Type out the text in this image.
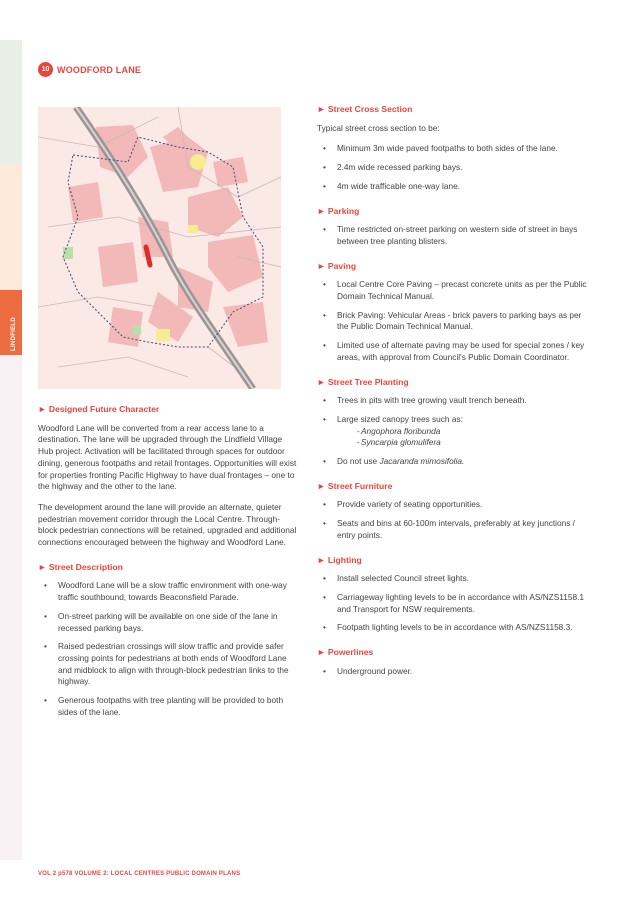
LINDFIELD
10 WOODFORD LANE
► Designed Future Character

Woodford Lane will be converted from a rear access lane to a destination. The lane will be upgraded through the Lindfield Village Hub project. Activation will be facilitated through spaces for outdoor dining, generous footpaths and retail frontages. Opportunities will exist for properties fronting Pacific Highway to have dual frontages – one to the highway and the other to the lane.

The development around the lane will provide an alternate, quieter pedestrian movement corridor through the Local Centre. Through-block pedestrian connections will be retained, upgraded and additional connections encouraged between the highway and Woodford Lane.

► Street Description
• Woodford Lane will be a slow traffic environment with one-way traffic southbound, towards Beaconsfield Parade.
• On-street parking will be available on one side of the lane in recessed parking bays.
• Raised pedestrian crossings will slow traffic and provide safer crossing points for pedestrians at both ends of Woodford Lane and midblock to align with through-block pedestrian links to the highway.
• Generous footpaths with tree planting will be provided to both sides of the lane.
► Street Cross Section

Typical street cross section to be:

• Minimum 3m wide paved footpaths to both sides of the lane.
• 2.4m wide recessed parking bays.
• 4m wide trafficable one-way lane.
► Parking
• Time restricted on-street parking on western side of street in bays between tree planting blisters.
► Paving
• Local Centre Core Paving – precast concrete units as per the Public Domain Technical Manual.
• Brick Paving: Vehicular Areas - brick pavers to parking bays as per the Public Domain Technical Manual.
• Limited use of alternate paving may be used for special zones / key areas, with approval from Council's Public Domain Coordinator.
► Street Tree Planting
• Trees in pits with tree growing vault trench beneath.
• Large sized canopy trees such as:
- Angophora floribunda
- Syncarpia glomulifera
• Do not use Jacaranda mimosifolia.
► Street Furniture
• Provide variety of seating opportunities.
• Seats and bins at 60-100m intervals, preferably at key junctions / entry points.
► Lighting
• Install selected Council street lights.
• Carriageway lighting levels to be in accordance with AS/NZS1158.1 and Transport for NSW requirements.
• Footpath lighting levels to be in accordance with AS/NZS1158.3.
► Powerlines
• Underground power.
VOL 2 p578 VOLUME 2: LOCAL CENTRES PUBLIC DOMAIN PLANS
